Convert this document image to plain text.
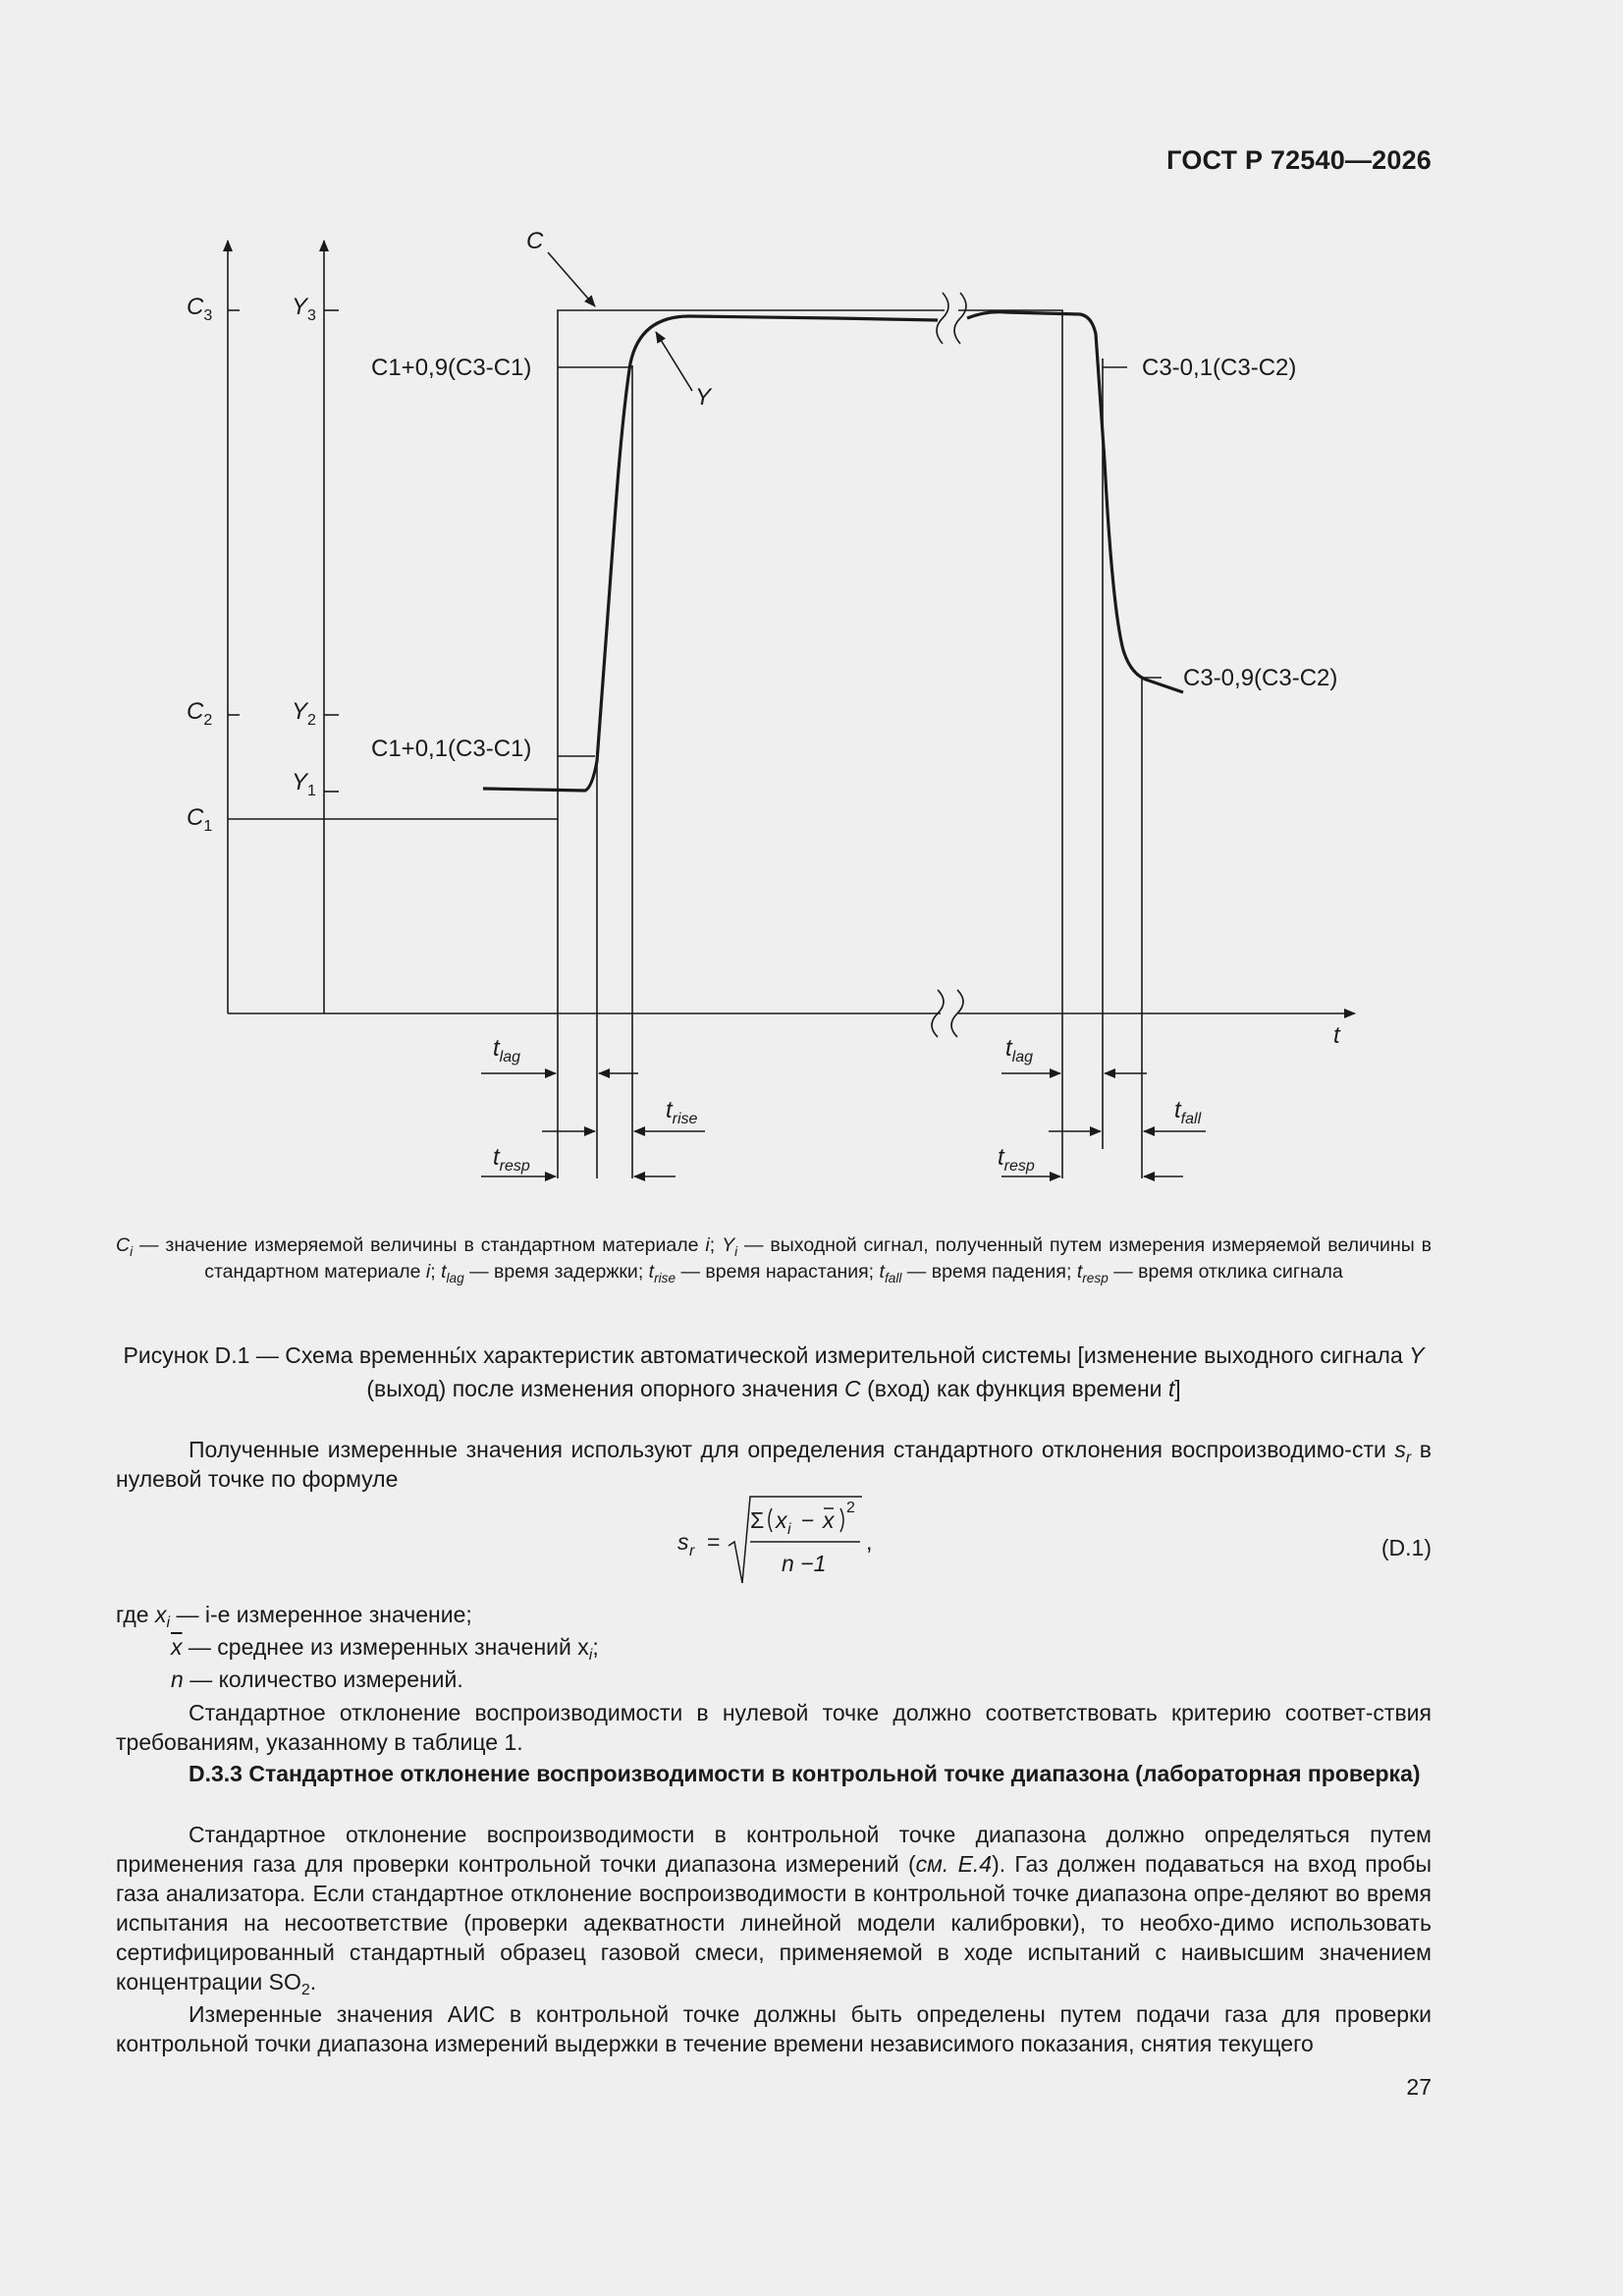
ГОСТ Р 72540—2026
C
Y
t
$C_3$	$Y_3$
$C_2$	$Y_2$
$Y_1$
$C_1$
C1+0,9(C3-C1)
C1+0,1(C3-C1)
C3-0,1(C3-C2)
C3-0,9(C3-C2)
$t_{lag}$
$t_{rise}$
$t_{resp}$
$t_{lag}$
$t_{fall}$
$t_{resp}$
$C_i$ — значение измеряемой величины в стандартном материале i; $Y_i$ — выходной сигнал, полученный путем измерения измеряемой величины в стандартном материале i; $t_{lag}$ — время задержки; $t_{rise}$ — время нарастания; $t_{fall}$ — время падения; $t_{resp}$ — время отклика сигнала
Рисунок D.1 — Схема временны́х характеристик автоматической измерительной системы [изменение выходного сигнала Y (выход) после изменения опорного значения C (вход) как функция времени t]
Полученные измеренные значения используют для определения стандартного отклонения воспроизводимо-сти $s_r$ в нулевой точке по формуле
s r =
Σ x i − x 2
n −1
,	(D.1)
где $x_i$ — i-е измеренное значение;
$\overline{x}$ — среднее из измеренных значений $x_i$;
n — количество измерений.
Стандартное отклонение воспроизводимости в нулевой точке должно соответствовать критерию соответ-ствия требованиям, указанному в таблице 1.
D.3.3 Стандартное отклонение воспроизводимости в контрольной точке диапазона (лабораторная проверка)
Стандартное отклонение воспроизводимости в контрольной точке диапазона должно определяться путем применения газа для проверки контрольной точки диапазона измерений (см. Е.4). Газ должен подаваться на вход пробы газа анализатора. Если стандартное отклонение воспроизводимости в контрольной точке диапазона опре-деляют во время испытания на несоответствие (проверки адекватности линейной модели калибровки), то необхо-димо использовать сертифицированный стандартный образец газовой смеси, применяемой в ходе испытаний с наивысшим значением концентрации $SO_2$.
Измеренные значения АИС в контрольной точке должны быть определены путем подачи газа для проверки контрольной точки диапазона измерений выдержки в течение времени независимого показания, снятия текущего
27
